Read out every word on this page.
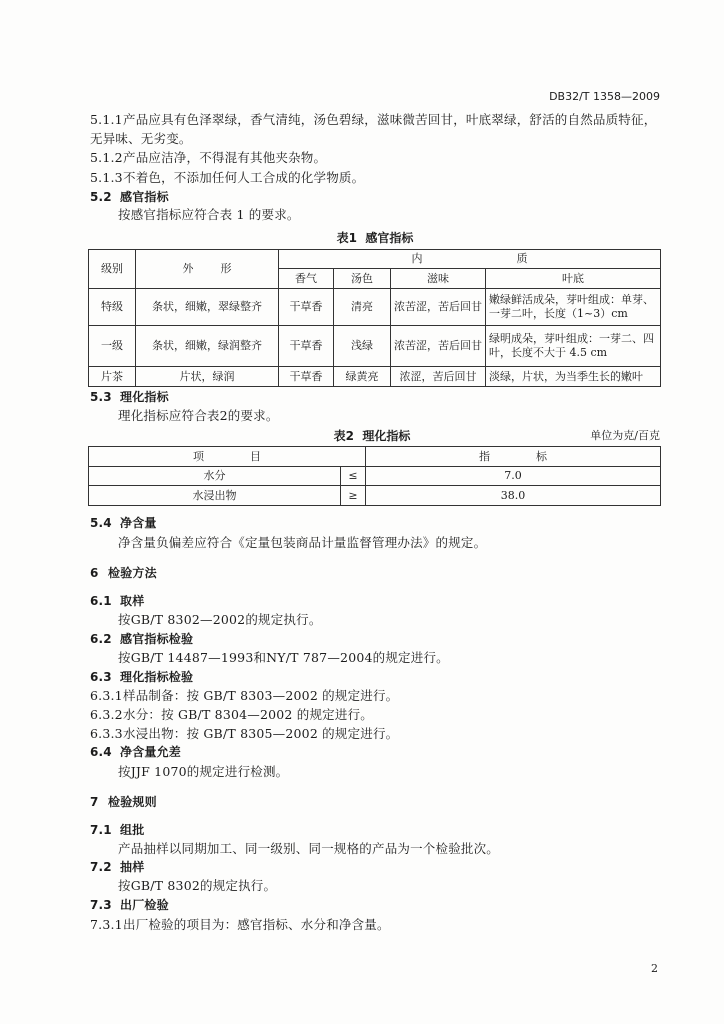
DB32/T 1358—2009
5.1.1产品应具有色泽翠绿，香气清纯，汤色碧绿，滋味微苦回甘，叶底翠绿，舒活的自然品质特征，
无异味、无劣变。
5.1.2产品应洁净，不得混有其他夹杂物。
5.1.3不着色，不添加任何人工合成的化学物质。
5.2 感官指标
按感官指标应符合表 1 的要求。
表1  感官指标
级别	外  形	内    质			
		香气	汤色	滋味	叶底
特级	条状，细嫩，翠绿整齐	干草香	清亮	浓苦涩，苦后回甘	嫩绿鲜活成朵，芽叶组成：单芽、一芽二叶，长度（1~3）cm
一级	条状，细嫩，绿润整齐	干草香	浅绿	浓苦涩，苦后回甘	绿明成朵，芽叶组成：一芽二、四叶，长度不大于 4.5 cm
片茶	片状，绿润	干草香	绿黄亮	浓涩，苦后回甘	淡绿，片状，为当季生长的嫩叶
5.3 理化指标
理化指标应符合表2的要求。
表2  理化指标	单位为克/百克
项    目		指    标
水分	≤	7.0
水浸出物	≥	38.0
5.4 净含量
净含量负偏差应符合《定量包装商品计量监督管理办法》的规定。
6 检验方法
6.1 取样
按GB/T 8302—2002的规定执行。
6.2 感官指标检验
按GB/T 14487—1993和NY/T 787—2004的规定进行。
6.3 理化指标检验
6.3.1样品制备：按 GB/T 8303—2002 的规定进行。
6.3.2水分：按 GB/T 8304—2002 的规定进行。
6.3.3水浸出物：按 GB/T 8305—2002 的规定进行。
6.4 净含量允差
按JJF 1070的规定进行检测。
7 检验规则
7.1 组批
产品抽样以同期加工、同一级别、同一规格的产品为一个检验批次。
7.2 抽样
按GB/T 8302的规定执行。
7.3 出厂检验
7.3.1出厂检验的项目为：感官指标、水分和净含量。
2
